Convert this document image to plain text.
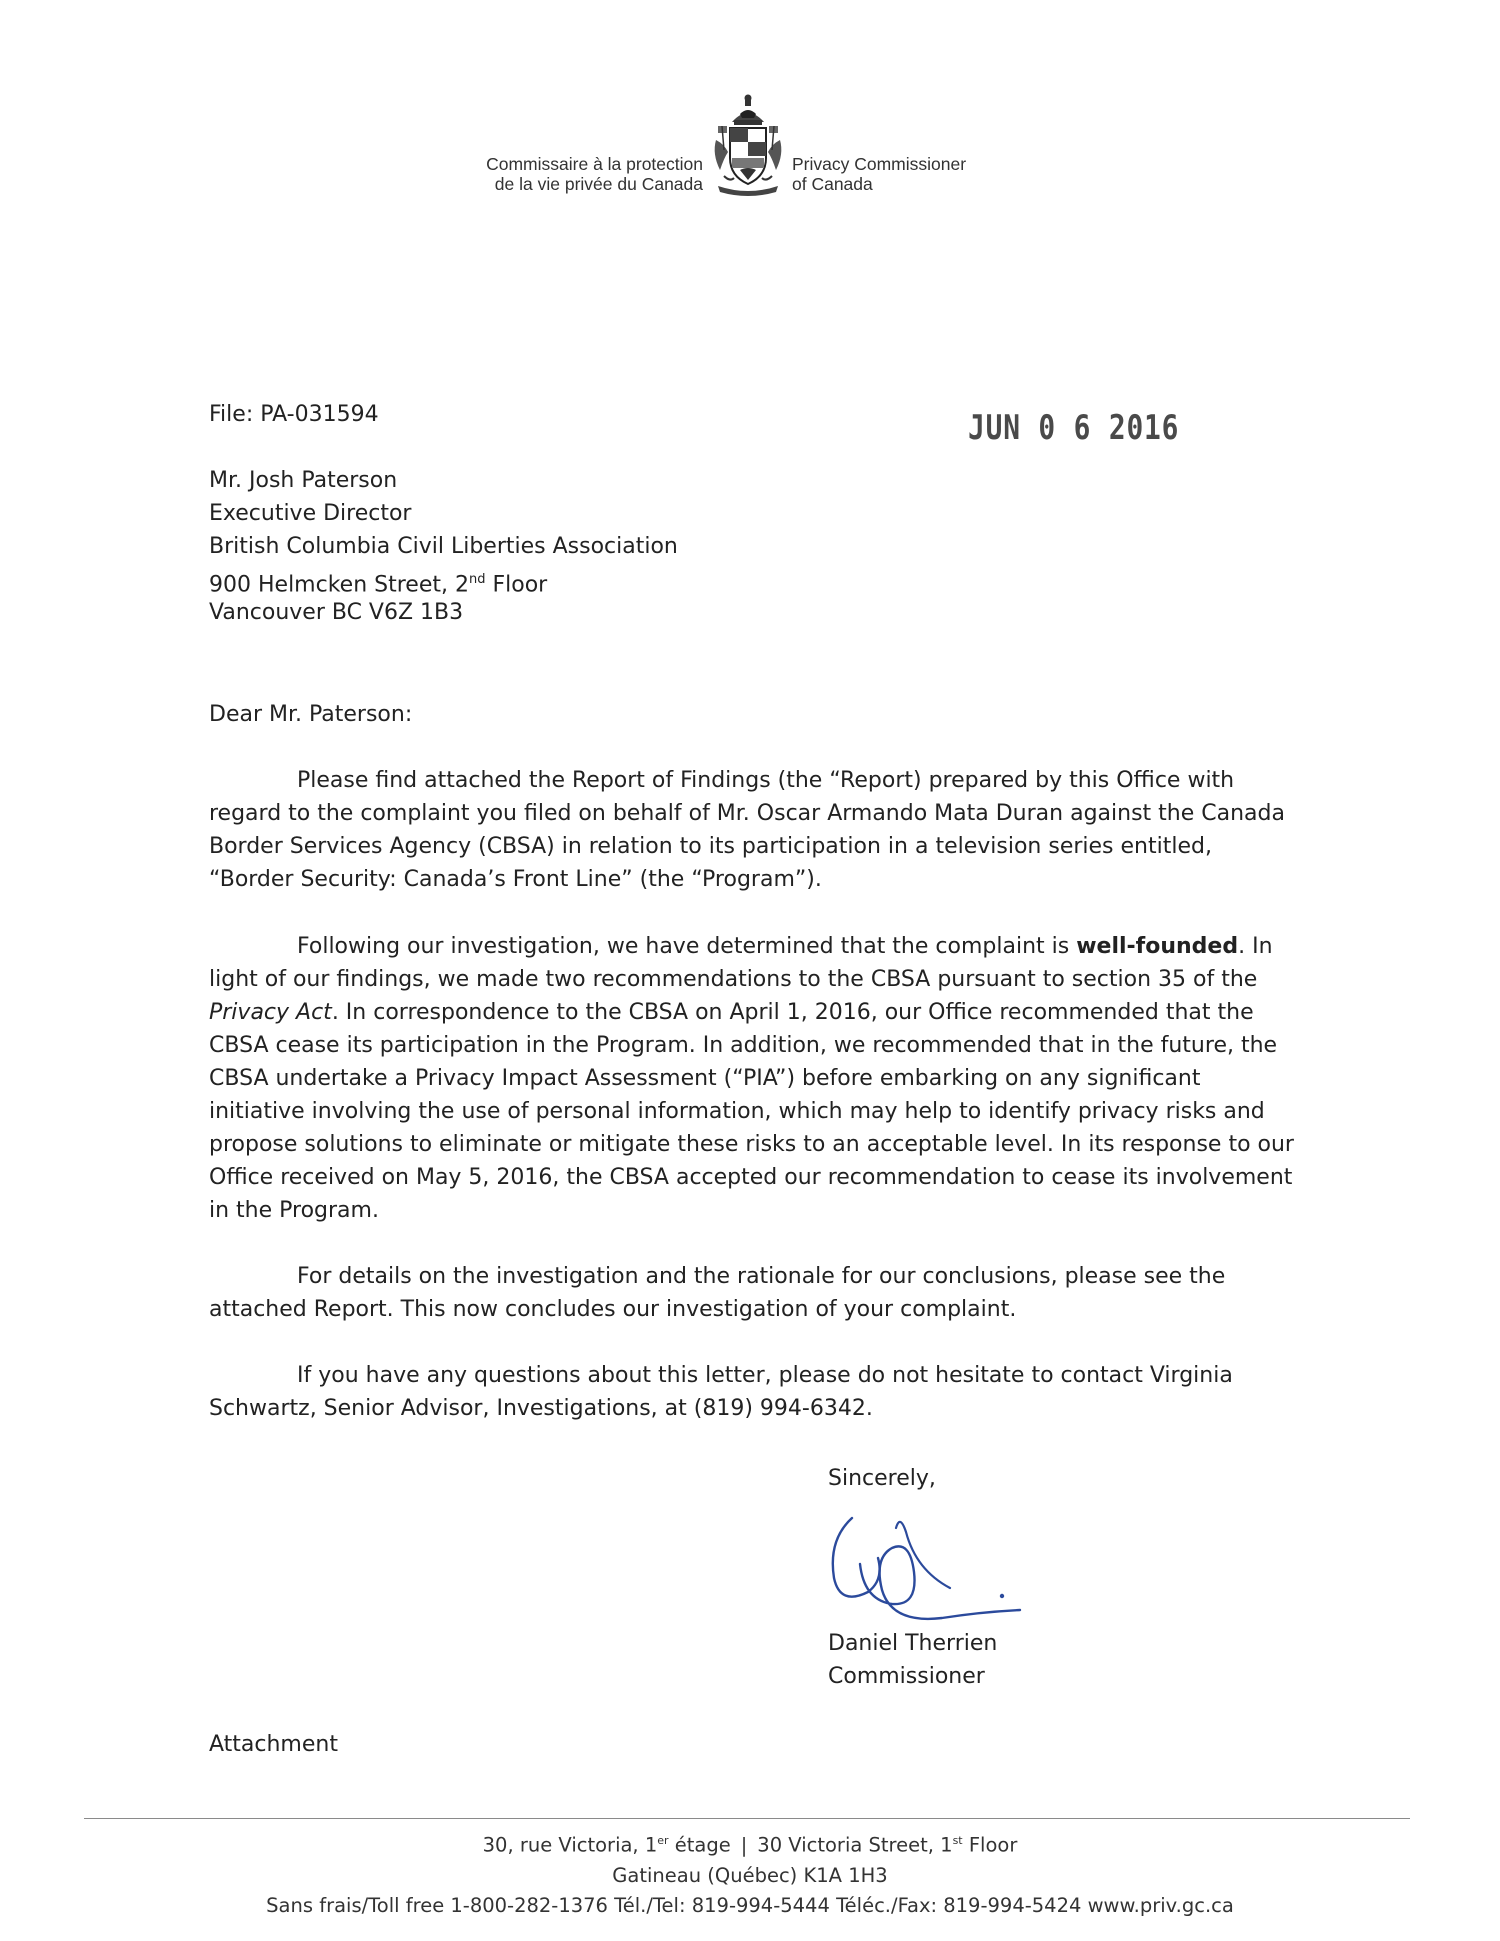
Commissaire à la protection
de la vie privée du Canada
Privacy Commissioner
of Canada
JUN 0 6 2016
File: PA-031594
Mr. Josh Paterson
Executive Director
British Columbia Civil Liberties Association
900 Helmcken Street, 2nd Floor
Vancouver BC V6Z 1B3
Dear Mr. Paterson:

Please find attached the Report of Findings (the “Report) prepared by this Office with regard to the complaint you filed on behalf of Mr. Oscar Armando Mata Duran against the Canada Border Services Agency (CBSA) in relation to its participation in a television series entitled, “Border Security: Canada’s Front Line” (the “Program”).

Following our investigation, we have determined that the complaint is well-founded. In light of our findings, we made two recommendations to the CBSA pursuant to section 35 of the Privacy Act. In correspondence to the CBSA on April 1, 2016, our Office recommended that the CBSA cease its participation in the Program. In addition, we recommended that in the future, the CBSA undertake a Privacy Impact Assessment (“PIA”) before embarking on any significant initiative involving the use of personal information, which may help to identify privacy risks and propose solutions to eliminate or mitigate these risks to an acceptable level. In its response to our Office received on May 5, 2016, the CBSA accepted our recommendation to cease its involvement in the Program.

For details on the investigation and the rationale for our conclusions, please see the attached Report. This now concludes our investigation of your complaint.

If you have any questions about this letter, please do not hesitate to contact Virginia Schwartz, Senior Advisor, Investigations, at (819) 994-6342.

Sincerely,
Daniel Therrien
Commissioner
Attachment
30, rue Victoria, 1er étage | 30 Victoria Street, 1st Floor
Gatineau (Québec) K1A 1H3
Sans frais/Toll free 1-800-282-1376 Tél./Tel: 819-994-5444 Téléc./Fax: 819-994-5424 www.priv.gc.ca
